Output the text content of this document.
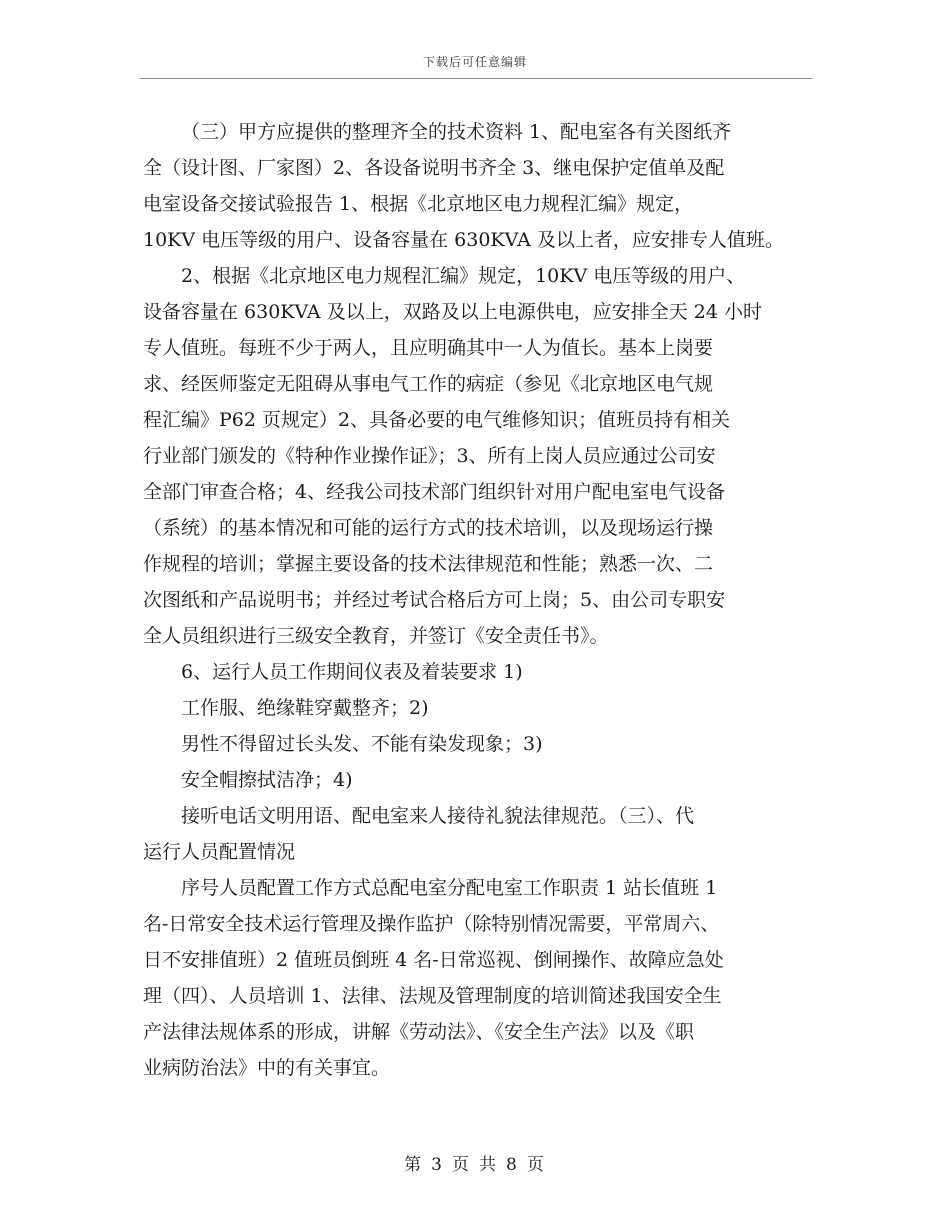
下载后可任意编辑
（三）甲方应提供的整理齐全的技术资料 1、配电室各有关图纸齐
全（设计图、厂家图）2、各设备说明书齐全 3、继电保护定值单及配
电室设备交接试验报告 1、根据《北京地区电力规程汇编》规定，
10KV 电压等级的用户、设备容量在 630KVA 及以上者，应安排专人值班。
2、根据《北京地区电力规程汇编》规定，10KV 电压等级的用户、
设备容量在 630KVA 及以上，双路及以上电源供电，应安排全天 24 小时
专人值班。每班不少于两人，且应明确其中一人为值长。基本上岗要
求、经医师鉴定无阻碍从事电气工作的病症（参见《北京地区电气规
程汇编》P62 页规定）2、具备必要的电气维修知识；值班员持有相关
行业部门颁发的《特种作业操作证》；3、所有上岗人员应通过公司安
全部门审查合格；4、经我公司技术部门组织针对用户配电室电气设备
（系统）的基本情况和可能的运行方式的技术培训，以及现场运行操
作规程的培训；掌握主要设备的技术法律规范和性能；熟悉一次、二
次图纸和产品说明书；并经过考试合格后方可上岗；5、由公司专职安
全人员组织进行三级安全教育，并签订《安全责任书》。
6、运行人员工作期间仪表及着装要求 1)
工作服、绝缘鞋穿戴整齐；2)
男性不得留过长头发、不能有染发现象；3)
安全帽擦拭洁净；4)
接听电话文明用语、配电室来人接待礼貌法律规范。（三）、代
运行人员配置情况
序号人员配置工作方式总配电室分配电室工作职责 1 站长值班 1
名-日常安全技术运行管理及操作监护（除特别情况需要，平常周六、
日不安排值班）2 值班员倒班 4 名-日常巡视、倒闸操作、故障应急处
理（四）、人员培训 1、法律、法规及管理制度的培训简述我国安全生
产法律法规体系的形成，讲解《劳动法》、《安全生产法》以及《职
业病防治法》中的有关事宜。
第 3 页 共 8 页
